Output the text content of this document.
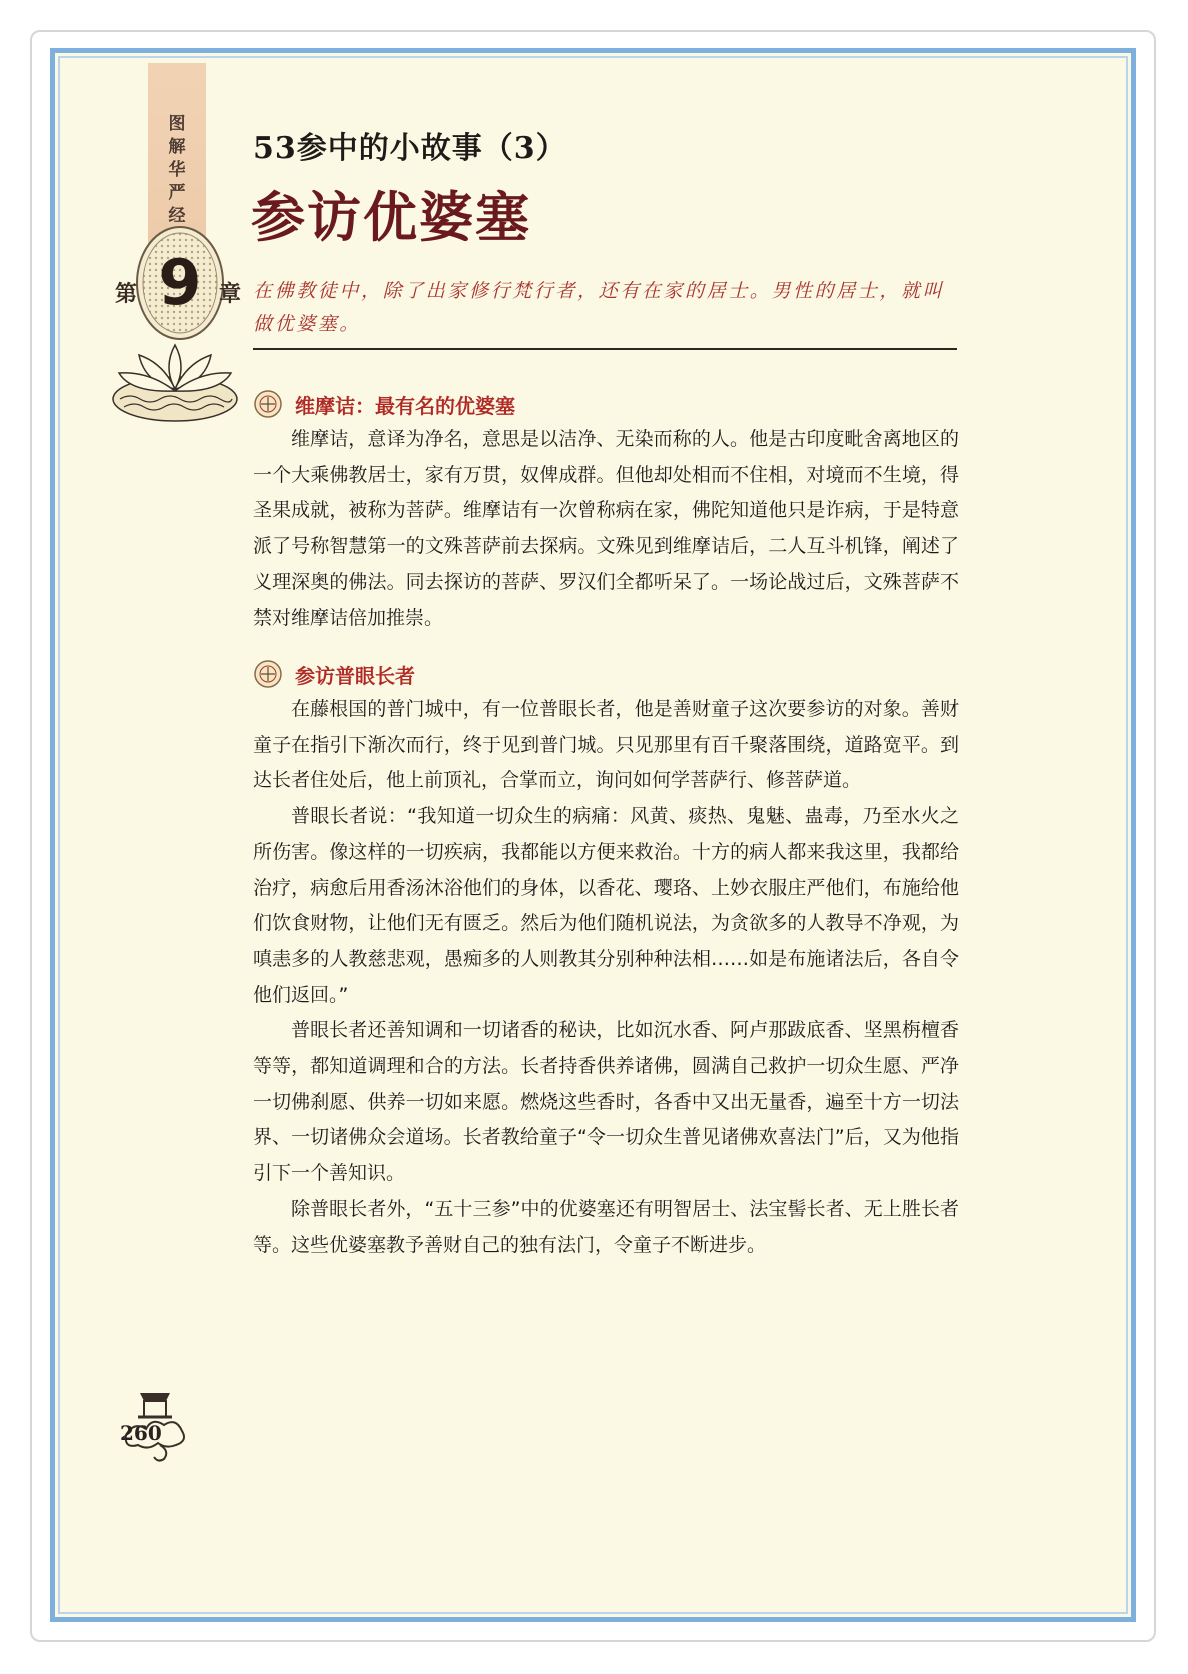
图
解
华
严
经
第 9 章
53参中的小故事（3）
参访优婆塞
在佛教徒中，除了出家修行梵行者，还有在家的居士。男性的居士，就叫做优婆塞。
维摩诘：最有名的优婆塞

维摩诘，意译为净名，意思是以洁净、无染而称的人。他是古印度毗舍离地区的一个大乘佛教居士，家有万贯，奴俾成群。但他却处相而不住相，对境而不生境，得圣果成就，被称为菩萨。维摩诘有一次曾称病在家，佛陀知道他只是诈病，于是特意派了号称智慧第一的文殊菩萨前去探病。文殊见到维摩诘后，二人互斗机锋，阐述了义理深奥的佛法。同去探访的菩萨、罗汉们全都听呆了。一场论战过后，文殊菩萨不禁对维摩诘倍加推崇。

参访普眼长者

在藤根国的普门城中，有一位普眼长者，他是善财童子这次要参访的对象。善财童子在指引下渐次而行，终于见到普门城。只见那里有百千聚落围绕，道路宽平。到达长者住处后，他上前顶礼，合掌而立，询问如何学菩萨行、修菩萨道。

普眼长者说：“我知道一切众生的病痛：风黄、痰热、鬼魅、蛊毒，乃至水火之所伤害。像这样的一切疾病，我都能以方便来救治。十方的病人都来我这里，我都给治疗，病愈后用香汤沐浴他们的身体，以香花、璎珞、上妙衣服庄严他们，布施给他们饮食财物，让他们无有匮乏。然后为他们随机说法，为贪欲多的人教导不净观，为嗔恚多的人教慈悲观，愚痴多的人则教其分别种种法相……如是布施诸法后，各自令他们返回。”

普眼长者还善知调和一切诸香的秘诀，比如沉水香、阿卢那跋底香、坚黑栴檀香等等，都知道调理和合的方法。长者持香供养诸佛，圆满自己救护一切众生愿、严净一切佛刹愿、供养一切如来愿。燃烧这些香时，各香中又出无量香，遍至十方一切法界、一切诸佛众会道场。长者教给童子“令一切众生普见诸佛欢喜法门”后，又为他指引下一个善知识。

除普眼长者外，“五十三参”中的优婆塞还有明智居士、法宝髻长者、无上胜长者等。这些优婆塞教予善财自己的独有法门，令童子不断进步。

260
